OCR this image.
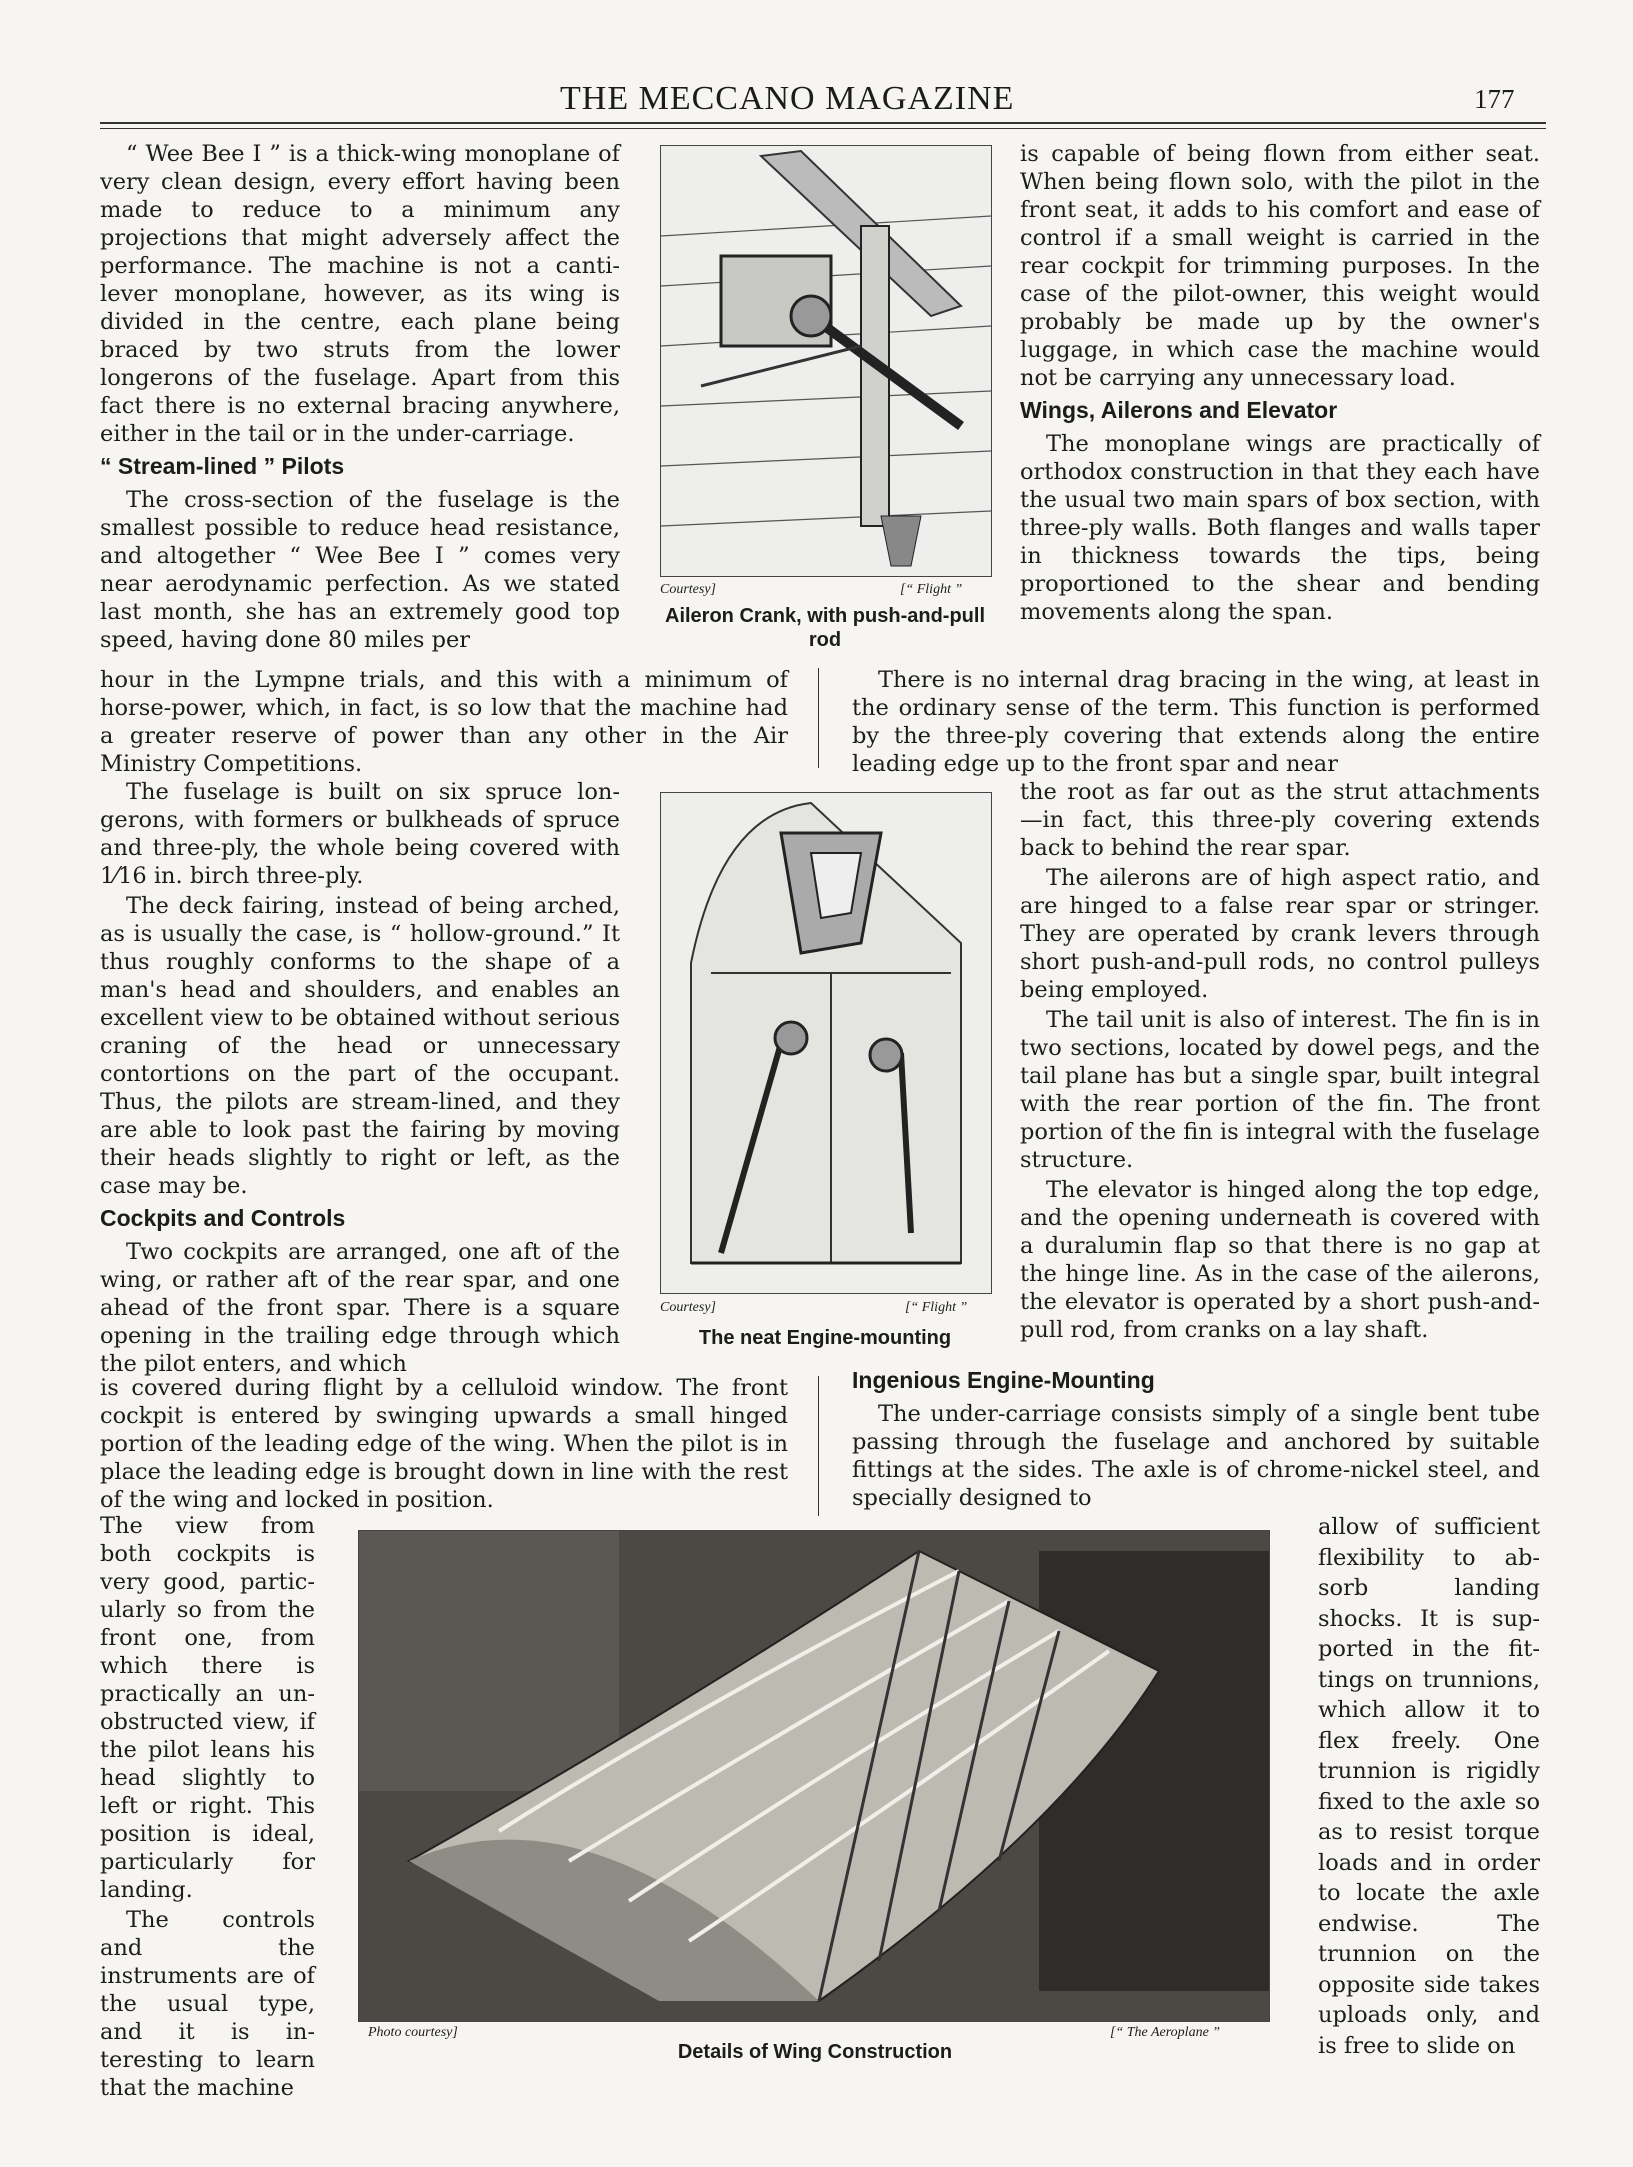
THE MECCANO MAGAZINE	177

“ Wee Bee I ” is a thick-wing monoplane of very clean design, every effort having been made to reduce to a minimum any projections that might adversely affect the performance. The machine is not a canti-lever monoplane, however, as its wing is divided in the centre, each plane being braced by two struts from the lower longerons of the fuselage. Apart from this fact there is no external bracing anywhere, either in the tail or in the under-carriage.

“ Stream-lined ” Pilots

The cross-section of the fuselage is the smallest possible to reduce head resistance, and altogether “ Wee Bee I ” comes very near aerodynamic perfection. As we stated last month, she has an extremely good top speed, having done 80 miles per

Courtesy]	[“ Flight ”
Aileron Crank, with push-and-pull rod

is capable of being flown from either seat. When being flown solo, with the pilot in the front seat, it adds to his comfort and ease of control if a small weight is carried in the rear cockpit for trimming purposes. In the case of the pilot-owner, this weight would probably be made up by the owner's luggage, in which case the machine would not be carrying any unnecessary load.

Wings, Ailerons and Elevator

The monoplane wings are practically of orthodox construction in that they each have the usual two main spars of box section, with three-ply walls. Both flanges and walls taper in thickness towards the tips, being proportioned to the shear and bending movements along the span.

hour in the Lympne trials, and this with a minimum of horse-power, which, in fact, is so low that the machine had a greater reserve of power than any other in the Air Ministry Competitions.

There is no internal drag bracing in the wing, at least in the ordinary sense of the term. This function is performed by the three-ply covering that extends along the entire leading edge up to the front spar and near

The fuselage is built on six spruce lon-gerons, with formers or bulkheads of spruce and three-ply, the whole being covered with 1⁄16 in. birch three-ply.

The deck fairing, instead of being arched, as is usually the case, is “ hollow-ground.” It thus roughly conforms to the shape of a man's head and shoulders, and enables an excellent view to be obtained without serious craning of the head or unnecessary contortions on the part of the occupant. Thus, the pilots are stream-lined, and they are able to look past the fairing by moving their heads slightly to right or left, as the case may be.

Cockpits and Controls

Two cockpits are arranged, one aft of the wing, or rather aft of the rear spar, and one ahead of the front spar. There is a square opening in the trailing edge through which the pilot enters, and which

Courtesy]	[“ Flight ”
The neat Engine-mounting

the root as far out as the strut attachments —in fact, this three-ply covering extends back to behind the rear spar.

The ailerons are of high aspect ratio, and are hinged to a false rear spar or stringer. They are operated by crank levers through short push-and-pull rods, no control pulleys being employed.

The tail unit is also of interest. The fin is in two sections, located by dowel pegs, and the tail plane has but a single spar, built integral with the rear portion of the fin. The front portion of the fin is integral with the fuselage structure.

The elevator is hinged along the top edge, and the opening underneath is covered with a duralumin flap so that there is no gap at the hinge line. As in the case of the ailerons, the elevator is operated by a short push-and-pull rod, from cranks on a lay shaft.

is covered during flight by a celluloid window. The front cockpit is entered by swinging upwards a small hinged portion of the leading edge of the wing. When the pilot is in place the leading edge is brought down in line with the rest of the wing and locked in position.

Ingenious Engine-Mounting

The under-carriage consists simply of a single bent tube passing through the fuselage and anchored by suitable fittings at the sides. The axle is of chrome-nickel steel, and specially designed to

The view from both cockpits is very good, partic-ularly so from the front one, from which there is practically an un-obstructed view, if the pilot leans his head slightly to left or right. This position is ideal, particularly for landing.

The controls and the instruments are of the usual type, and it is in-teresting to learn that the machine

Photo courtesy]	[“ The Aeroplane ”
Details of Wing Construction

allow of sufficient flexibility to ab-sorb landing shocks. It is sup-ported in the fit-tings on trunnions, which allow it to flex freely. One trunnion is rigidly fixed to the axle so as to resist torque loads and in order to locate the axle endwise. The trunnion on the opposite side takes uploads only, and is free to slide on
